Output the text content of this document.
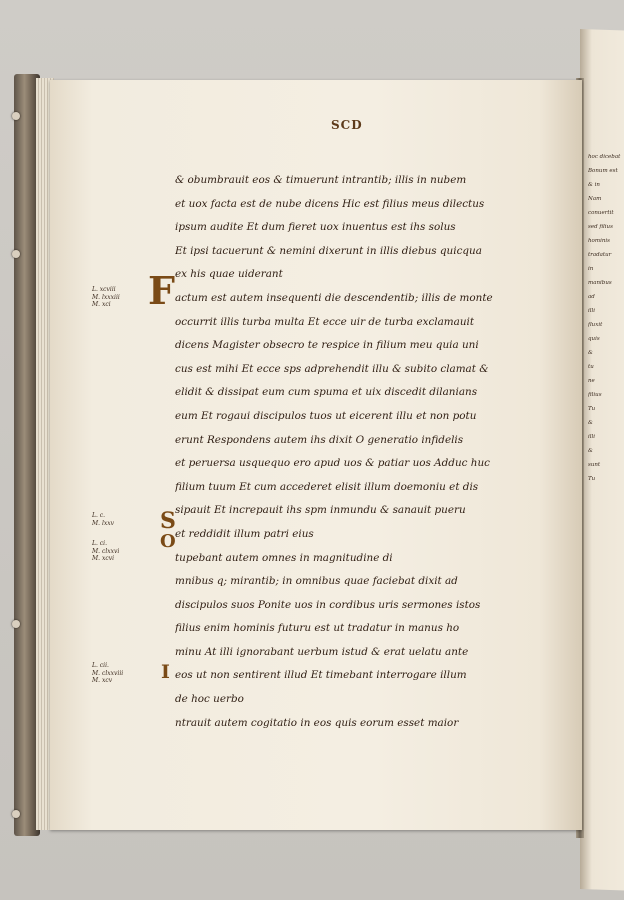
hoc dicebat
Bonum est
& in
Nam
conuertit
sed filius
hominis
tradatur
in
manibus
ad
illi
fluxit
quis
&
tu
ne
filius
Tu
&
illi
&
sunt
Tu
SCD
F
S
O
I
& obumbrauit eos & timuerunt intrantib; illis in nubem
et uox facta est de nube dicens Hic est filius meus dilectus
ipsum audite Et dum fieret uox inuentus est ihs solus
Et ipsi tacuerunt & nemini dixerunt in illis diebus quicqua
ex his quae uiderant
actum est autem insequenti die descendentib; illis de monte
occurrit illis turba multa Et ecce uir de turba exclamauit
dicens Magister obsecro te respice in filium meu quia uni
cus est mihi Et ecce sps adprehendit illu & subito clamat &
elidit & dissipat eum cum spuma et uix discedit dilanians
eum Et rogaui discipulos tuos ut eicerent illu et non potu
erunt Respondens autem ihs dixit O generatio infidelis
et peruersa usquequo ero apud uos & patiar uos Adduc huc
filium tuum Et cum accederet elisit illum doemoniu et dis
sipauit Et increpauit ihs spm inmundu & sanauit pueru
et reddidit illum patri eius
tupebant autem omnes in magnitudine di
mnibus q; mirantib; in omnibus quae faciebat dixit ad
discipulos suos Ponite uos in cordibus uris sermones istos
filius enim hominis futuru est ut tradatur in manus ho
minu At illi ignorabant uerbum istud & erat uelatu ante
eos ut non sentirent illud Et timebant interrogare illum
de hoc uerbo
ntrauit autem cogitatio in eos quis eorum esset maior
L. xcviii
M. lxxxiii
M. xci
L. c.
M. lxxv
L. ci.
M. clxxvi
M. xcvi
L. cii.
M. clxxviii
M. xcv
